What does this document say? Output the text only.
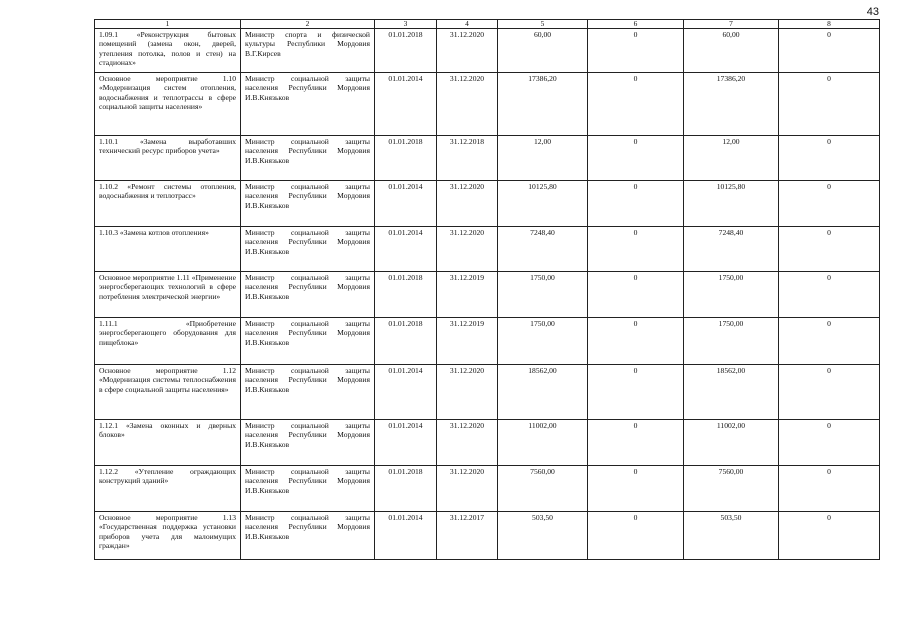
43
1	2	3	4	5	6	7	8
1.09.1 «Реконструкция бытовых помещений (замена окон, дверей, утепления потолка, полов и стен) на стадионах»	Министр спорта и физической культуры Республики Мордовия В.Г.Кирсев	01.01.2018	31.12.2020	60,00	0	60,00	0
Основное мероприятие 1.10 «Модернизация систем отопления, водоснабжения и теплотрассы в сфере социальной защиты населения»	Министр социальной защиты населения Республики Мордовия И.В.Князьков	01.01.2014	31.12.2020	17386,20	0	17386,20	0
1.10.1 «Замена выработавших технический ресурс приборов учета»	Министр социальной защиты населения Республики Мордовия И.В.Князьков	01.01.2018	31.12.2018	12,00	0	12,00	0
1.10.2 «Ремонт системы отопления, водоснабжения и теплотрасс»	Министр социальной защиты населения Республики Мордовия И.В.Князьков	01.01.2014	31.12.2020	10125,80	0	10125,80	0
1.10.3 «Замена котлов отопления»	Министр социальной защиты населения Республики Мордовия И.В.Князьков	01.01.2014	31.12.2020	7248,40	0	7248,40	0
Основное мероприятие 1.11 «Применение энергосберегающих технологий в сфере потребления электрической энергии»	Министр социальной защиты населения Республики Мордовия И.В.Князьков	01.01.2018	31.12.2019	1750,00	0	1750,00	0
1.11.1 «Приобретение энергосберегающего оборудования для пищеблока»	Министр социальной защиты населения Республики Мордовия И.В.Князьков	01.01.2018	31.12.2019	1750,00	0	1750,00	0
Основное мероприятие 1.12 «Модернизация системы теплоснабжения в сфере социальной защиты населения»	Министр социальной защиты населения Республики Мордовия И.В.Князьков	01.01.2014	31.12.2020	18562,00	0	18562,00	0
1.12.1 «Замена оконных и дверных блоков»	Министр социальной защиты населения Республики Мордовия И.В.Князьков	01.01.2014	31.12.2020	11002,00	0	11002,00	0
1.12.2 «Утепление ограждающих конструкций зданий»	Министр социальной защиты населения Республики Мордовия И.В.Князьков	01.01.2018	31.12.2020	7560,00	0	7560,00	0
Основное мероприятие 1.13 «Государственная поддержка установки приборов учета для малоимущих граждан»	Министр социальной защиты населения Республики Мордовия И.В.Князьков	01.01.2014	31.12.2017	503,50	0	503,50	0
